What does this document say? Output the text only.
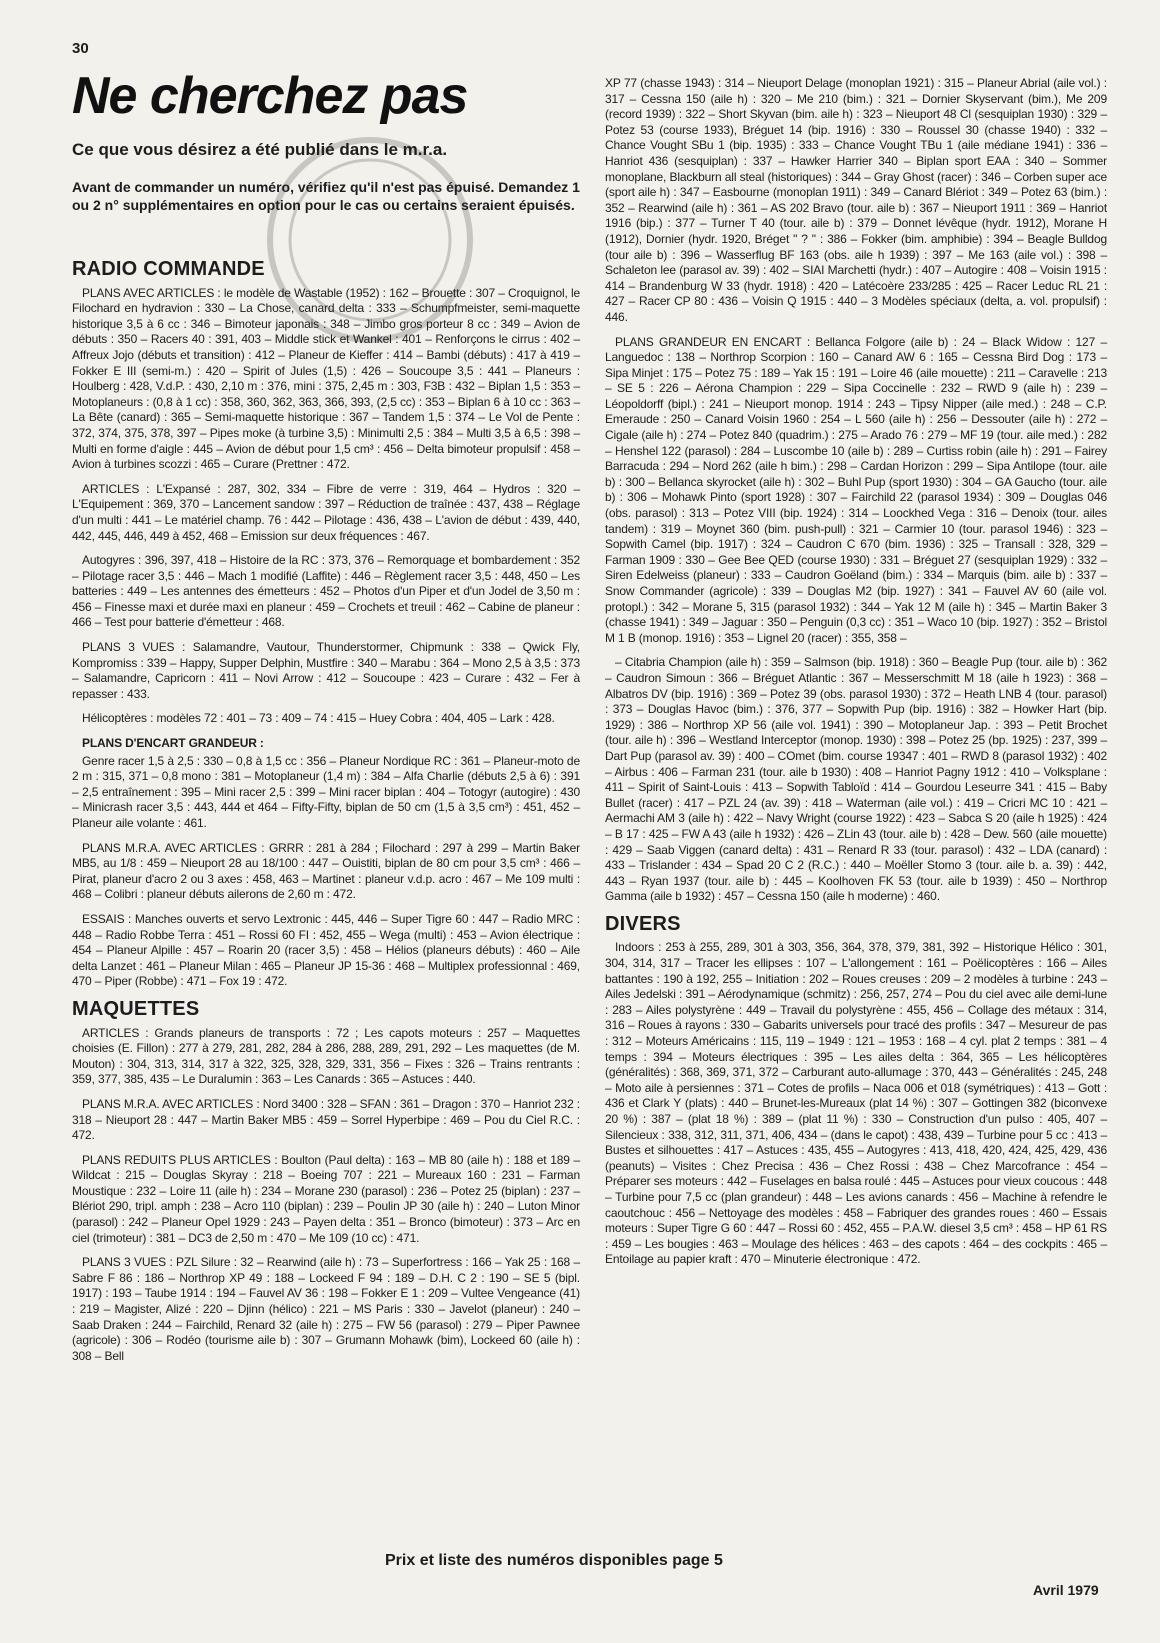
30
Ne cherchez pas
Ce que vous désirez a été publié dans le m.r.a.
Avant de commander un numéro, vérifiez qu'il n'est pas épuisé. Demandez 1 ou 2 n° supplémentaires en option pour le cas ou certains seraient épuisés.
RADIO COMMANDE

PLANS AVEC ARTICLES : le modèle de Wastable (1952) : 162 – Brouette : 307 – Croquignol, le Filochard en hydravion : 330 – La Chose, canard delta : 333 – Schumpfmeister, semi-maquette historique 3,5 à 6 cc : 346 – Bimoteur japonais : 348 – Jimbo gros porteur 8 cc : 349 – Avion de débuts : 350 – Racers 40 : 391, 403 – Middle stick et Wankel : 401 – Renforçons le cirrus : 402 – Affreux Jojo (débuts et transition) : 412 – Planeur de Kieffer : 414 – Bambi (débuts) : 417 à 419 – Fokker E III (semi-m.) : 420 – Spirit of Jules (1,5) : 426 – Soucoupe 3,5 : 441 – Planeurs : Houlberg : 428, V.d.P. : 430, 2,10 m : 376, mini : 375, 2,45 m : 303, F3B : 432 – Biplan 1,5 : 353 – Motoplaneurs : (0,8 à 1 cc) : 358, 360, 362, 363, 366, 393, (2,5 cc) : 353 – Biplan 6 à 10 cc : 363 – La Bête (canard) : 365 – Semi-maquette historique : 367 – Tandem 1,5 : 374 – Le Vol de Pente : 372, 374, 375, 378, 397 – Pipes moke (à turbine 3,5) : Minimulti 2,5 : 384 – Multi 3,5 à 6,5 : 398 – Multi en forme d'aigle : 445 – Avion de début pour 1,5 cm³ : 456 – Delta bimoteur propulsif : 458 – Avion à turbines scozzi : 465 – Curare (Prettner : 472.

ARTICLES : L'Expansé : 287, 302, 334 – Fibre de verre : 319, 464 – Hydros : 320 – L'Equipement : 369, 370 – Lancement sandow : 397 – Réduction de traînée : 437, 438 – Réglage d'un multi : 441 – Le matériel champ. 76 : 442 – Pilotage : 436, 438 – L'avion de début : 439, 440, 442, 445, 446, 449 à 452, 468 – Emission sur deux fréquences : 467.

Autogyres : 396, 397, 418 – Histoire de la RC : 373, 376 – Remorquage et bombardement : 352 – Pilotage racer 3,5 : 446 – Mach 1 modifié (Laffite) : 446 – Règlement racer 3,5 : 448, 450 – Les batteries : 449 – Les antennes des émetteurs : 452 – Photos d'un Piper et d'un Jodel de 3,50 m : 456 – Finesse maxi et durée maxi en planeur : 459 – Crochets et treuil : 462 – Cabine de planeur : 466 – Test pour batterie d'émetteur : 468.

PLANS 3 VUES : Salamandre, Vautour, Thunderstormer, Chipmunk : 338 – Qwick Fly, Kompromiss : 339 – Happy, Supper Delphin, Mustfire : 340 – Marabu : 364 – Mono 2,5 à 3,5 : 373 – Salamandre, Capricorn : 411 – Novi Arrow : 412 – Soucoupe : 423 – Curare : 432 – Fer à repasser : 433.

Hélicoptères : modèles 72 : 401 – 73 : 409 – 74 : 415 – Huey Cobra : 404, 405 – Lark : 428.

PLANS D'ENCART GRANDEUR :

Genre racer 1,5 à 2,5 : 330 – 0,8 à 1,5 cc : 356 – Planeur Nordique RC : 361 – Planeur-moto de 2 m : 315, 371 – 0,8 mono : 381 – Motoplaneur (1,4 m) : 384 – Alfa Charlie (débuts 2,5 à 6) : 391 – 2,5 entraînement : 395 – Mini racer 2,5 : 399 – Mini racer biplan : 404 – Totogyr (autogire) : 430 – Minicrash racer 3,5 : 443, 444 et 464 – Fifty-Fifty, biplan de 50 cm (1,5 à 3,5 cm³) : 451, 452 – Planeur aile volante : 461.

PLANS M.R.A. AVEC ARTICLES : GRRR : 281 à 284 ; Filochard : 297 à 299 – Martin Baker MB5, au 1/8 : 459 – Nieuport 28 au 18/100 : 447 – Ouistiti, biplan de 80 cm pour 3,5 cm³ : 466 – Pirat, planeur d'acro 2 ou 3 axes : 458, 463 – Martinet : planeur v.d.p. acro : 467 – Me 109 multi : 468 – Colibri : planeur débuts ailerons de 2,60 m : 472.

ESSAIS : Manches ouverts et servo Lextronic : 445, 446 – Super Tigre 60 : 447 – Radio MRC : 448 – Radio Robbe Terra : 451 – Rossi 60 FI : 452, 455 – Wega (multi) : 453 – Avion électrique : 454 – Planeur Alpille : 457 – Roarin 20 (racer 3,5) : 458 – Hélios (planeurs débuts) : 460 – Aile delta Lanzet : 461 – Planeur Milan : 465 – Planeur JP 15-36 : 468 – Multiplex professionnal : 469, 470 – Piper (Robbe) : 471 – Fox 19 : 472.

MAQUETTES

ARTICLES : Grands planeurs de transports : 72 ; Les capots moteurs : 257 – Maquettes choisies (E. Fillon) : 277 à 279, 281, 282, 284 à 286, 288, 289, 291, 292 – Les maquettes (de M. Mouton) : 304, 313, 314, 317 à 322, 325, 328, 329, 331, 356 – Fixes : 326 – Trains rentrants : 359, 377, 385, 435 – Le Duralumin : 363 – Les Canards : 365 – Astuces : 440.

PLANS M.R.A. AVEC ARTICLES : Nord 3400 : 328 – SFAN : 361 – Dragon : 370 – Hanriot 232 : 318 – Nieuport 28 : 447 – Martin Baker MB5 : 459 – Sorrel Hyperbipe : 469 – Pou du Ciel R.C. : 472.

PLANS REDUITS PLUS ARTICLES : Boulton (Paul delta) : 163 – MB 80 (aile h) : 188 et 189 – Wildcat : 215 – Douglas Skyray : 218 – Boeing 707 : 221 – Mureaux 160 : 231 – Farman Moustique : 232 – Loire 11 (aile h) : 234 – Morane 230 (parasol) : 236 – Potez 25 (biplan) : 237 – Blériot 290, tripl. amph : 238 – Acro 110 (biplan) : 239 – Poulin JP 30 (aile h) : 240 – Luton Minor (parasol) : 242 – Planeur Opel 1929 : 243 – Payen delta : 351 – Bronco (bimoteur) : 373 – Arc en ciel (trimoteur) : 381 – DC3 de 2,50 m : 470 – Me 109 (10 cc) : 471.

PLANS 3 VUES : PZL Silure : 32 – Rearwind (aile h) : 73 – Superfortress : 166 – Yak 25 : 168 – Sabre F 86 : 186 – Northrop XP 49 : 188 – Lockeed F 94 : 189 – D.H. C 2 : 190 – SE 5 (bipl. 1917) : 193 – Taube 1914 : 194 – Fauvel AV 36 : 198 – Fokker E 1 : 209 – Vultee Vengeance (41) : 219 – Magister, Alizé : 220 – Djinn (hélico) : 221 – MS Paris : 330 – Javelot (planeur) : 240 – Saab Draken : 244 – Fairchild, Renard 32 (aile h) : 275 – FW 56 (parasol) : 279 – Piper Pawnee (agricole) : 306 – Rodéo (tourisme aile b) : 307 – Grumann Mohawk (bim), Lockeed 60 (aile h) : 308 – Bell

XP 77 (chasse 1943) : 314 – Nieuport Delage (monoplan 1921) : 315 – Planeur Abrial (aile vol.) : 317 – Cessna 150 (aile h) : 320 – Me 210 (bim.) : 321 – Dornier Skyservant (bim.), Me 209 (record 1939) : 322 – Short Skyvan (bim. aile h) : 323 – Nieuport 48 Cl (sesquiplan 1930) : 329 – Potez 53 (course 1933), Bréguet 14 (bip. 1916) : 330 – Roussel 30 (chasse 1940) : 332 – Chance Vought SBu 1 (bip. 1935) : 333 – Chance Vought TBu 1 (aile médiane 1941) : 336 – Hanriot 436 (sesquiplan) : 337 – Hawker Harrier 340 – Biplan sport EAA : 340 – Sommer monoplane, Blackburn all steal (historiques) : 344 – Gray Ghost (racer) : 346 – Corben super ace (sport aile h) : 347 – Easbourne (monoplan 1911) : 349 – Canard Blériot : 349 – Potez 63 (bim.) : 352 – Rearwind (aile h) : 361 – AS 202 Bravo (tour. aile b) : 367 – Nieuport 1911 : 369 – Hanriot 1916 (bip.) : 377 – Turner T 40 (tour. aile b) : 379 – Donnet lévêque (hydr. 1912), Morane H (1912), Dornier (hydr. 1920, Bréget " ? " : 386 – Fokker (bim. amphibie) : 394 – Beagle Bulldog (tour aile b) : 396 – Wasserflug BF 163 (obs. aile h 1939) : 397 – Me 163 (aile vol.) : 398 – Schaleton lee (parasol av. 39) : 402 – SIAI Marchetti (hydr.) : 407 – Autogire : 408 – Voisin 1915 : 414 – Brandenburg W 33 (hydr. 1918) : 420 – Latécoère 233/285 : 425 – Racer Leduc RL 21 : 427 – Racer CP 80 : 436 – Voisin Q 1915 : 440 – 3 Modèles spéciaux (delta, a. vol. propulsif) : 446.

PLANS GRANDEUR EN ENCART : Bellanca Folgore (aile b) : 24 – Black Widow : 127 – Languedoc : 138 – Northrop Scorpion : 160 – Canard AW 6 : 165 – Cessna Bird Dog : 173 – Sipa Minjet : 175 – Potez 75 : 189 – Yak 15 : 191 – Loire 46 (aile mouette) : 211 – Caravelle : 213 – SE 5 : 226 – Aérona Champion : 229 – Sipa Coccinelle : 232 – RWD 9 (aile h) : 239 – Léopoldorff (bipl.) : 241 – Nieuport monop. 1914 : 243 – Tipsy Nipper (aile med.) : 248 – C.P. Emeraude : 250 – Canard Voisin 1960 : 254 – L 560 (aile h) : 256 – Dessouter (aile h) : 272 – Cigale (aile h) : 274 – Potez 840 (quadrim.) : 275 – Arado 76 : 279 – MF 19 (tour. aile med.) : 282 – Henshel 122 (parasol) : 284 – Luscombe 10 (aile b) : 289 – Curtiss robin (aile h) : 291 – Fairey Barracuda : 294 – Nord 262 (aile h bim.) : 298 – Cardan Horizon : 299 – Sipa Antilope (tour. aile b) : 300 – Bellanca skyrocket (aile h) : 302 – Buhl Pup (sport 1930) : 304 – GA Gaucho (tour. aile b) : 306 – Mohawk Pinto (sport 1928) : 307 – Fairchild 22 (parasol 1934) : 309 – Douglas 046 (obs. parasol) : 313 – Potez VIII (bip. 1924) : 314 – Loockhed Vega : 316 – Denoix (tour. ailes tandem) : 319 – Moynet 360 (bim. push-pull) : 321 – Carmier 10 (tour. parasol 1946) : 323 – Sopwith Camel (bip. 1917) : 324 – Caudron C 670 (bim. 1936) : 325 – Transall : 328, 329 – Farman 1909 : 330 – Gee Bee QED (course 1930) : 331 – Bréguet 27 (sesquiplan 1929) : 332 – Siren Edelweiss (planeur) : 333 – Caudron Goëland (bim.) : 334 – Marquis (bim. aile b) : 337 – Snow Commander (agricole) : 339 – Douglas M2 (bip. 1927) : 341 – Fauvel AV 60 (aile vol. protopl.) : 342 – Morane 5, 315 (parasol 1932) : 344 – Yak 12 M (aile h) : 345 – Martin Baker 3 (chasse 1941) : 349 – Jaguar : 350 – Penguin (0,3 cc) : 351 – Waco 10 (bip. 1927) : 352 – Bristol M 1 B (monop. 1916) : 353 – Lignel 20 (racer) : 355, 358 –

– Citabria Champion (aile h) : 359 – Salmson (bip. 1918) : 360 – Beagle Pup (tour. aile b) : 362 – Caudron Simoun : 366 – Bréguet Atlantic : 367 – Messerschmitt M 18 (aile h 1923) : 368 – Albatros DV (bip. 1916) : 369 – Potez 39 (obs. parasol 1930) : 372 – Heath LNB 4 (tour. parasol) : 373 – Douglas Havoc (bim.) : 376, 377 – Sopwith Pup (bip. 1916) : 382 – Howker Hart (bip. 1929) : 386 – Northrop XP 56 (aile vol. 1941) : 390 – Motoplaneur Jap. : 393 – Petit Brochet (tour. aile h) : 396 – Westland Interceptor (monop. 1930) : 398 – Potez 25 (bp. 1925) : 237, 399 – Dart Pup (parasol av. 39) : 400 – COmet (bim. course 19347 : 401 – RWD 8 (parasol 1932) : 402 – Airbus : 406 – Farman 231 (tour. aile b 1930) : 408 – Hanriot Pagny 1912 : 410 – Volksplane : 411 – Spirit of Saint-Louis : 413 – Sopwith Tabloïd : 414 – Gourdou Leseurre 341 : 415 – Baby Bullet (racer) : 417 – PZL 24 (av. 39) : 418 – Waterman (aile vol.) : 419 – Cricri MC 10 : 421 – Aermachi AM 3 (aile h) : 422 – Navy Wright (course 1922) : 423 – Sabca S 20 (aile h 1925) : 424 – B 17 : 425 – FW A 43 (aile h 1932) : 426 – ZLin 43 (tour. aile b) : 428 – Dew. 560 (aile mouette) : 429 – Saab Viggen (canard delta) : 431 – Renard R 33 (tour. parasol) : 432 – LDA (canard) : 433 – Trislander : 434 – Spad 20 C 2 (R.C.) : 440 – Moëller Stomo 3 (tour. aile b. a. 39) : 442, 443 – Ryan 1937 (tour. aile b) : 445 – Koolhoven FK 53 (tour. aile b 1939) : 450 – Northrop Gamma (aile b 1932) : 457 – Cessna 150 (aile h moderne) : 460.

DIVERS

Indoors : 253 à 255, 289, 301 à 303, 356, 364, 378, 379, 381, 392 – Historique Hélico : 301, 304, 314, 317 – Tracer les ellipses : 107 – L'allongement : 161 – Poëlicoptères : 166 – Ailes battantes : 190 à 192, 255 – Initiation : 202 – Roues creuses : 209 – 2 modèles à turbine : 243 – Ailes Jedelski : 391 – Aérodynamique (schmitz) : 256, 257, 274 – Pou du ciel avec aile demi-lune : 283 – Ailes polystyrène : 449 – Travail du polystyrène : 455, 456 – Collage des métaux : 314, 316 – Roues à rayons : 330 – Gabarits universels pour tracé des profils : 347 – Mesureur de pas : 312 – Moteurs Américains : 115, 119 – 1949 : 121 – 1953 : 168 – 4 cyl. plat 2 temps : 381 – 4 temps : 394 – Moteurs électriques : 395 – Les ailes delta : 364, 365 – Les hélicoptères (généralités) : 368, 369, 371, 372 – Carburant auto-allumage : 370, 443 – Généralités : 245, 248 – Moto aile à persiennes : 371 – Cotes de profils – Naca 006 et 018 (symétriques) : 413 – Gott : 436 et Clark Y (plats) : 440 – Brunet-les-Mureaux (plat 14 %) : 307 – Gottingen 382 (biconvexe 20 %) : 387 – (plat 18 %) : 389 – (plat 11 %) : 330 – Construction d'un pulso : 405, 407 – Silencieux : 338, 312, 311, 371, 406, 434 – (dans le capot) : 438, 439 – Turbine pour 5 cc : 413 – Bustes et silhouettes : 417 – Astuces : 435, 455 – Autogyres : 413, 418, 420, 424, 425, 429, 436 (peanuts) – Visites : Chez Precisa : 436 – Chez Rossi : 438 – Chez Marcofrance : 454 – Préparer ses moteurs : 442 – Fuselages en balsa roulé : 445 – Astuces pour vieux coucous : 448 – Turbine pour 7,5 cc (plan grandeur) : 448 – Les avions canards : 456 – Machine à refendre le caoutchouc : 456 – Nettoyage des modèles : 458 – Fabriquer des grandes roues : 460 – Essais moteurs : Super Tigre G 60 : 447 – Rossi 60 : 452, 455 – P.A.W. diesel 3,5 cm³ : 458 – HP 61 RS : 459 – Les bougies : 463 – Moulage des hélices : 463 – des capots : 464 – des cockpits : 465 – Entoilage au papier kraft : 470 – Minuterie électronique : 472.

Prix et liste des numéros disponibles page 5
Avril 1979
